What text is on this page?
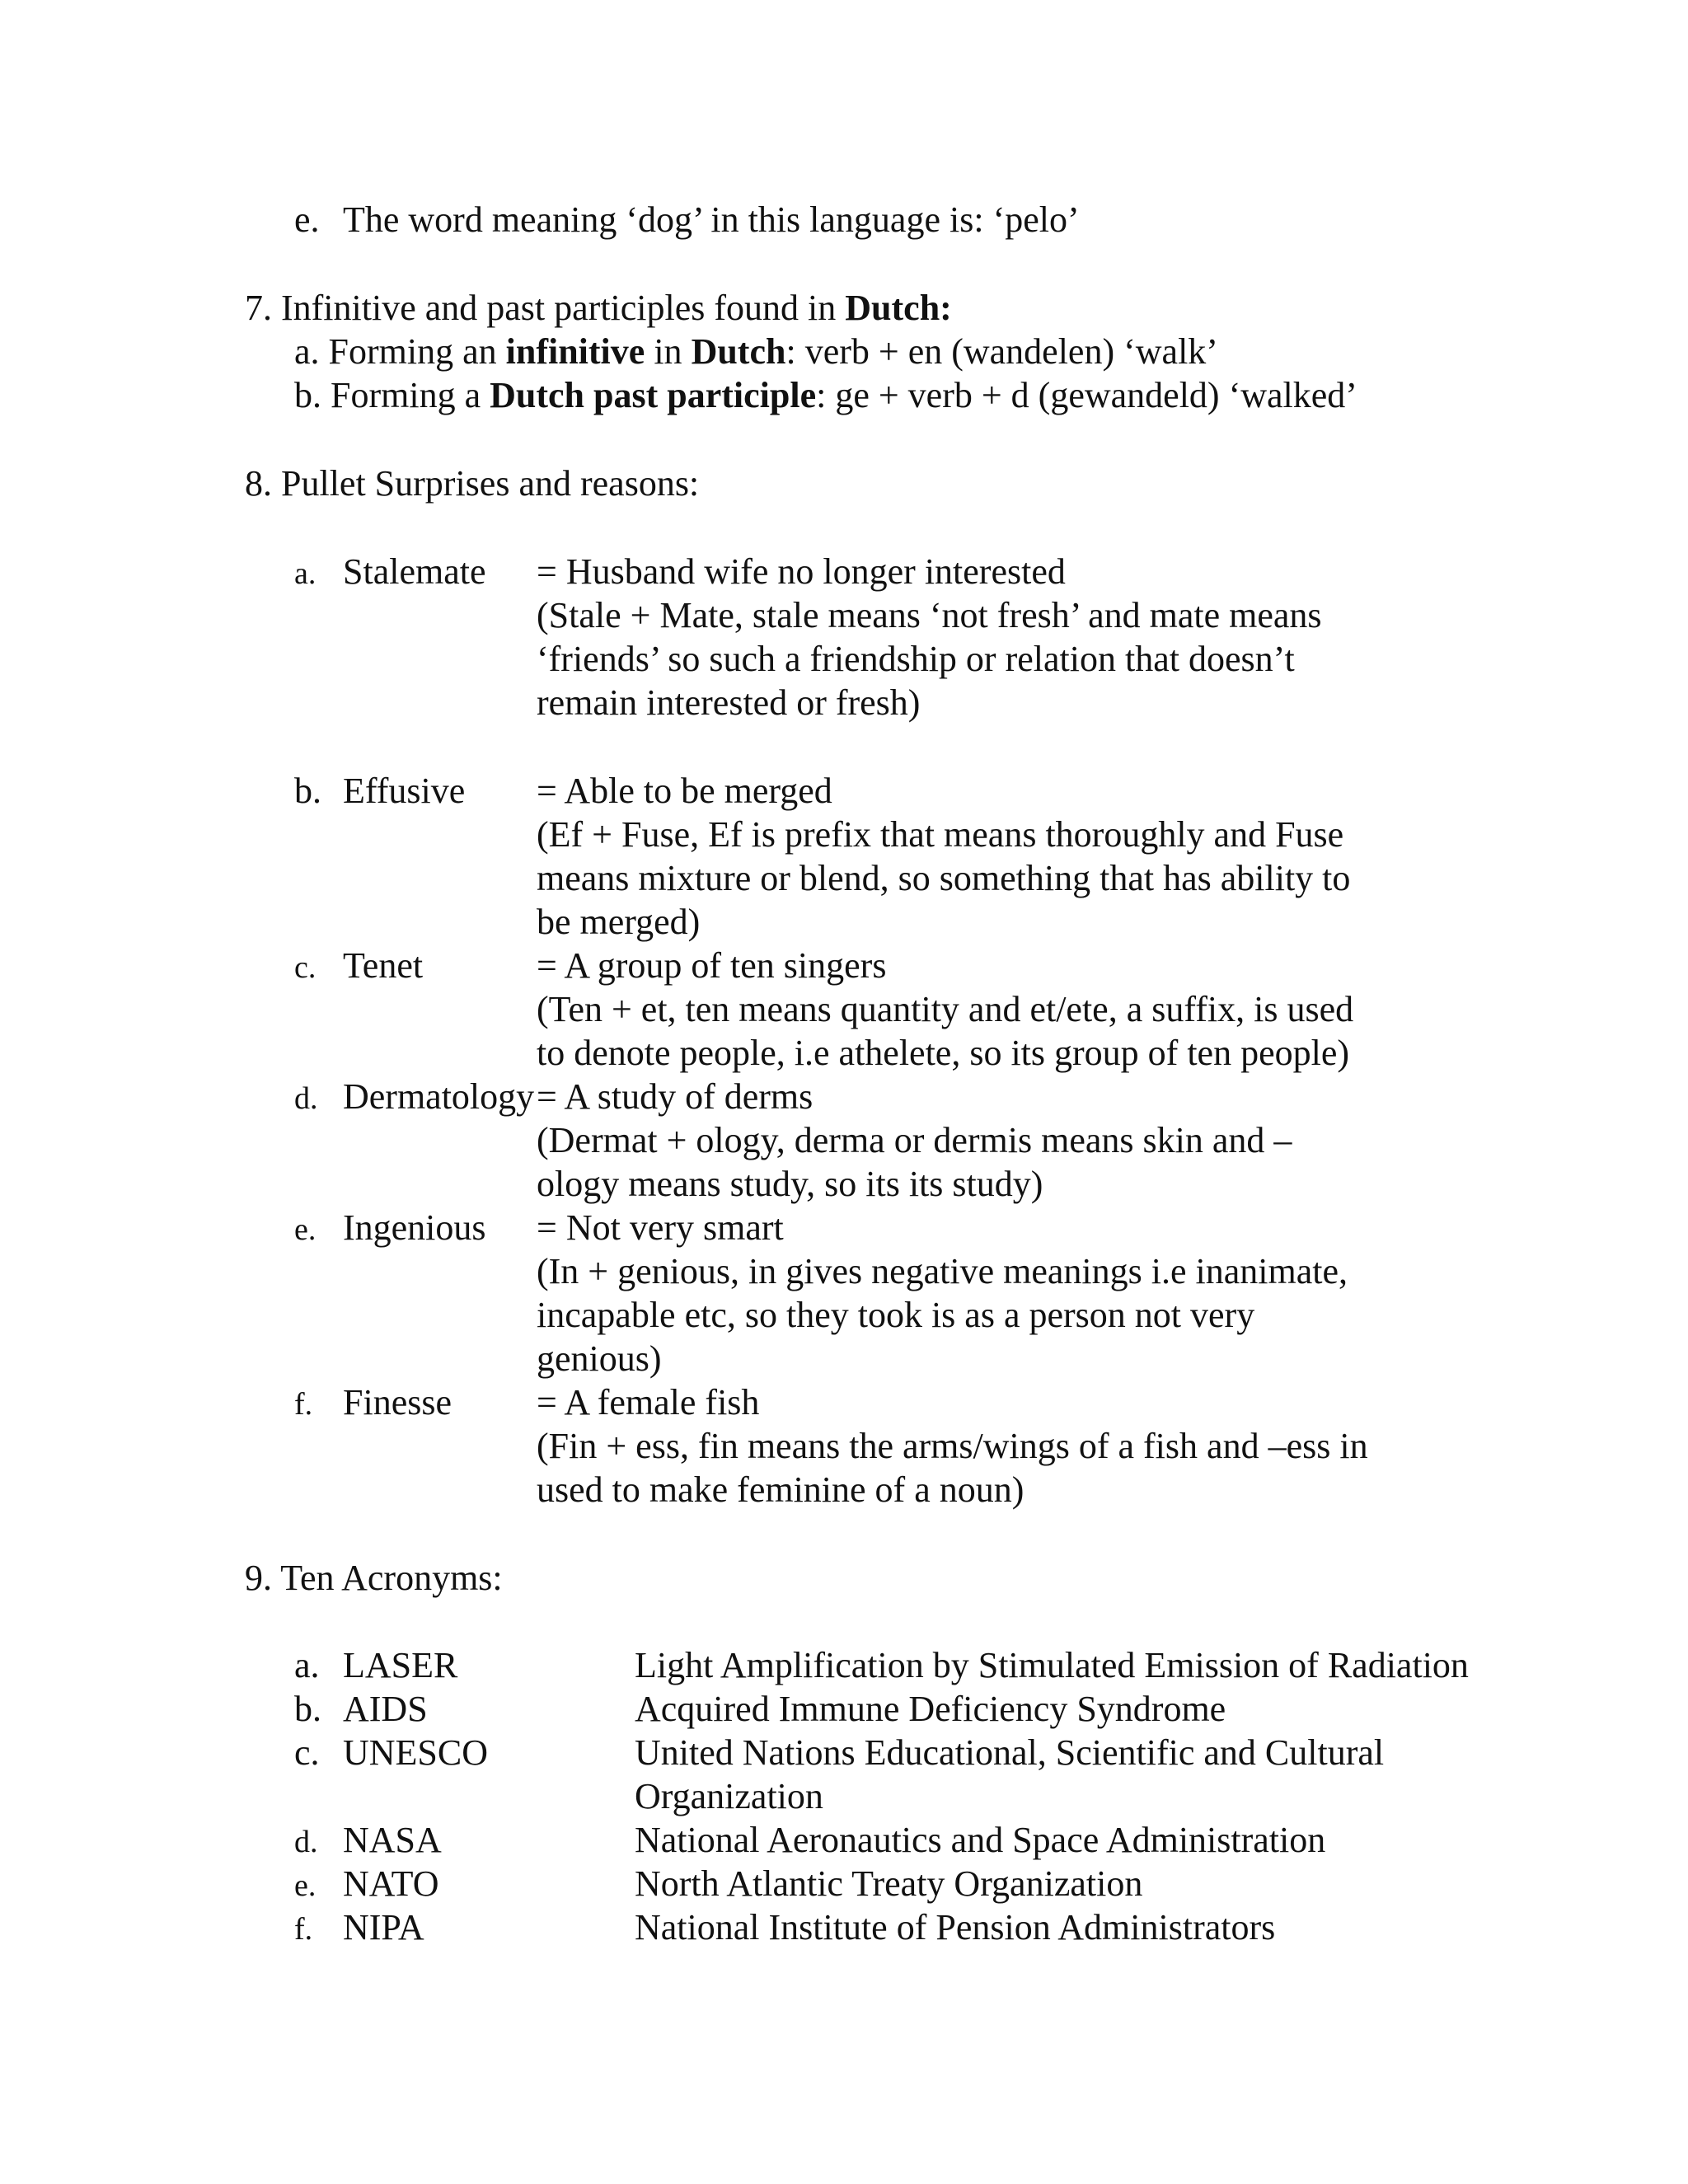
e. The word meaning ‘dog’ in this language is: ‘pelo’
7. Infinitive and past participles found in Dutch:
a. Forming an infinitive in Dutch: verb + en (wandelen) ‘walk’
b. Forming a Dutch past participle: ge + verb + d (gewandeld) ‘walked’
8. Pullet Surprises and reasons:
a. Stalemate = Husband wife no longer interested
(Stale + Mate, stale means ‘not fresh’ and mate means
‘friends’ so such a friendship or relation that doesn’t
remain interested or fresh)
b. Effusive = Able to be merged
(Ef + Fuse, Ef is prefix that means thoroughly and Fuse
means mixture or blend, so something that has ability to
be merged)
c. Tenet	= A group of ten singers
(Ten + et, ten means quantity and et/ete, a suffix, is used
to denote people, i.e athelete, so its group of ten people)
d. Dermatology = A study of derms
(Dermat + ology, derma or dermis means skin and –
ology means study, so its its study)
e. Ingenious = Not very smart
(In + genious, in gives negative meanings i.e inanimate,
incapable etc, so they took is as a person not very
genious)
f. Finesse = A female fish
(Fin + ess, fin means the arms/wings of a fish and –ess in
used to make feminine of a noun)
9. Ten Acronyms:
a. LASER	Light Amplification by Stimulated Emission of Radiation
b. AIDS	Acquired Immune Deficiency Syndrome
c. UNESCO	United Nations Educational, Scientific and Cultural
Organization
d. NASA	National Aeronautics and Space Administration
e. NATO	North Atlantic Treaty Organization
f. NIPA	National Institute of Pension Administrators
